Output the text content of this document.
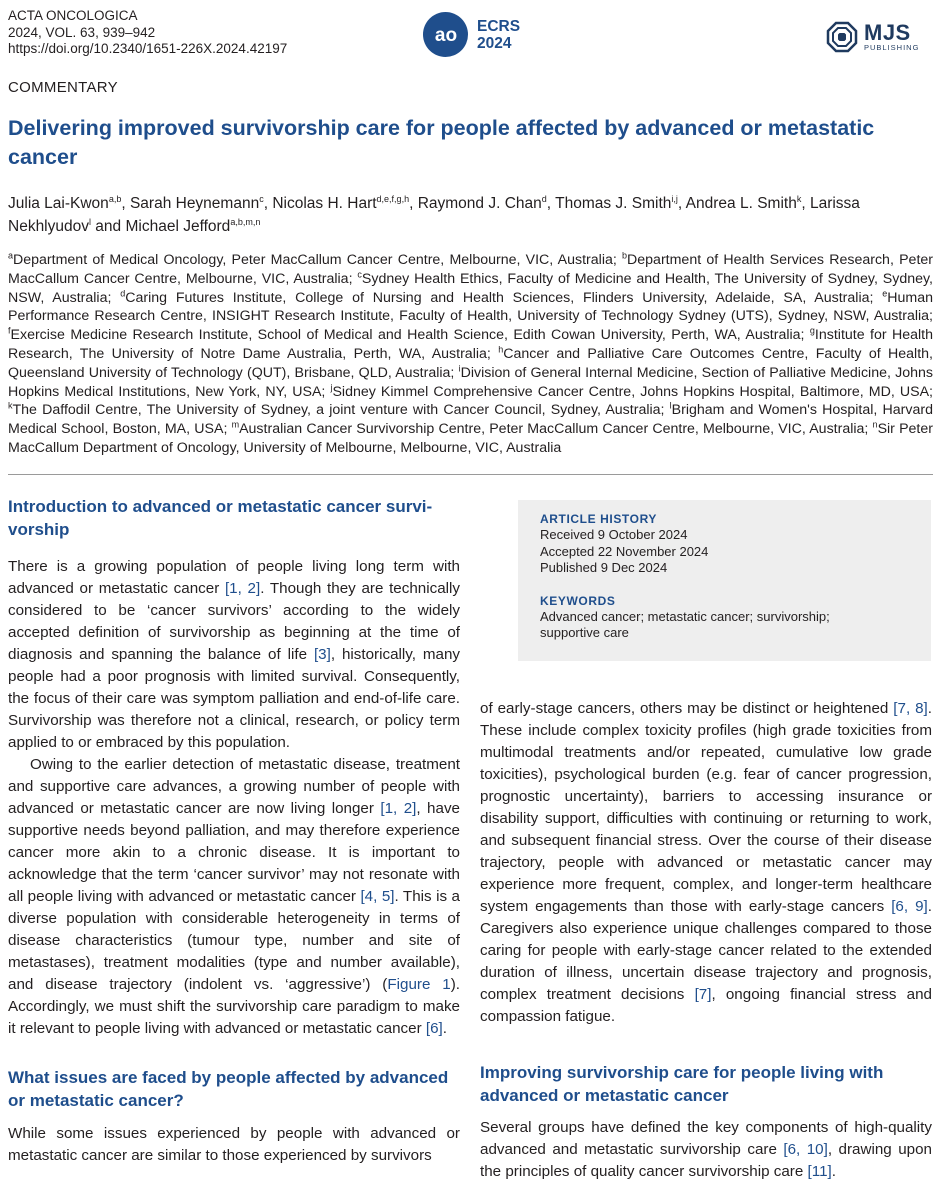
ACTA ONCOLOGICA
2024, VOL. 63, 939–942
https://doi.org/10.2340/1651-226X.2024.42197
ao ECRS
2024	MJS
PUBLISHING
COMMENTARY
Delivering improved survivorship care for people affected by advanced or metastatic cancer
Julia Lai-Kwon$^{a,b}$, Sarah Heynemann$^c$, Nicolas H. Hart$^{d,e,f,g,h}$, Raymond J. Chan$^d$, Thomas J. Smith$^{i,j}$, Andrea L. Smith$^k$, Larissa Nekhlyudov$^l$ and Michael Jefford$^{a,b,m,n}$
$^a$Department of Medical Oncology, Peter MacCallum Cancer Centre, Melbourne, VIC, Australia; $^b$Department of Health Services Research, Peter MacCallum Cancer Centre, Melbourne, VIC, Australia; $^c$Sydney Health Ethics, Faculty of Medicine and Health, The University of Sydney, Sydney, NSW, Australia; $^d$Caring Futures Institute, College of Nursing and Health Sciences, Flinders University, Adelaide, SA, Australia; $^e$Human Performance Research Centre, INSIGHT Research Institute, Faculty of Health, University of Technology Sydney (UTS), Sydney, NSW, Australia; $^f$Exercise Medicine Research Institute, School of Medical and Health Science, Edith Cowan University, Perth, WA, Australia; $^g$Institute for Health Research, The University of Notre Dame Australia, Perth, WA, Australia; $^h$Cancer and Palliative Care Outcomes Centre, Faculty of Health, Queensland University of Technology (QUT), Brisbane, QLD, Australia; $^i$Division of General Internal Medicine, Section of Palliative Medicine, Johns Hopkins Medical Institutions, New York, NY, USA; $^j$Sidney Kimmel Comprehensive Cancer Centre, Johns Hopkins Hospital, Baltimore, MD, USA; $^k$The Daffodil Centre, The University of Sydney, a joint venture with Cancer Council, Sydney, Australia; $^l$Brigham and Women's Hospital, Harvard Medical School, Boston, MA, USA; $^m$Australian Cancer Survivorship Centre, Peter MacCallum Cancer Centre, Melbourne, VIC, Australia; $^n$Sir Peter MacCallum Department of Oncology, University of Melbourne, Melbourne, VIC, Australia
ARTICLE HISTORY
Received 9 October 2024
Accepted 22 November 2024
Published 9 Dec 2024
KEYWORDS
Advanced cancer; metastatic cancer; survivorship;
supportive care
Introduction to advanced or metastatic cancer survi-vorship

There is a growing population of people living long term with advanced or metastatic cancer [1, 2]. Though they are technically considered to be ‘cancer survivors’ according to the widely accepted definition of survivorship as beginning at the time of diagnosis and spanning the balance of life [3], historically, many people had a poor prognosis with limited survival. Consequently, the focus of their care was symptom palliation and end-of-life care. Survivorship was therefore not a clinical, research, or policy term applied to or embraced by this population.

Owing to the earlier detection of metastatic disease, treatment and supportive care advances, a growing number of people with advanced or metastatic cancer are now living longer [1, 2], have supportive needs beyond palliation, and may therefore experience cancer more akin to a chronic disease. It is important to acknowledge that the term ‘cancer survivor’ may not resonate with all people living with advanced or metastatic cancer [4, 5]. This is a diverse population with considerable heterogeneity in terms of disease characteristics (tumour type, number and site of metastases), treatment modalities (type and number available), and disease trajectory (indolent vs. ‘aggressive’) (Figure 1). Accordingly, we must shift the survivorship care paradigm to make it relevant to people living with advanced or metastatic cancer [6].

What issues are faced by people affected by advanced or metastatic cancer?

While some issues experienced by people with advanced or metastatic cancer are similar to those experienced by survivors

of early-stage cancers, others may be distinct or heightened [7, 8]. These include complex toxicity profiles (high grade toxicities from multimodal treatments and/or repeated, cumulative low grade toxicities), psychological burden (e.g. fear of cancer progression, prognostic uncertainty), barriers to accessing insurance or disability support, difficulties with continuing or returning to work, and subsequent financial stress. Over the course of their disease trajectory, people with advanced or metastatic cancer may experience more frequent, complex, and longer-term healthcare system engagements than those with early-stage cancers [6, 9]. Caregivers also experience unique challenges compared to those caring for people with early-stage cancer related to the extended duration of illness, uncertain disease trajectory and prognosis, complex treatment decisions [7], ongoing financial stress and compassion fatigue.

Improving survivorship care for people living with advanced or metastatic cancer

Several groups have defined the key components of high-quality advanced and metastatic survivorship care [6, 10], drawing upon the principles of quality cancer survivorship care [11].
